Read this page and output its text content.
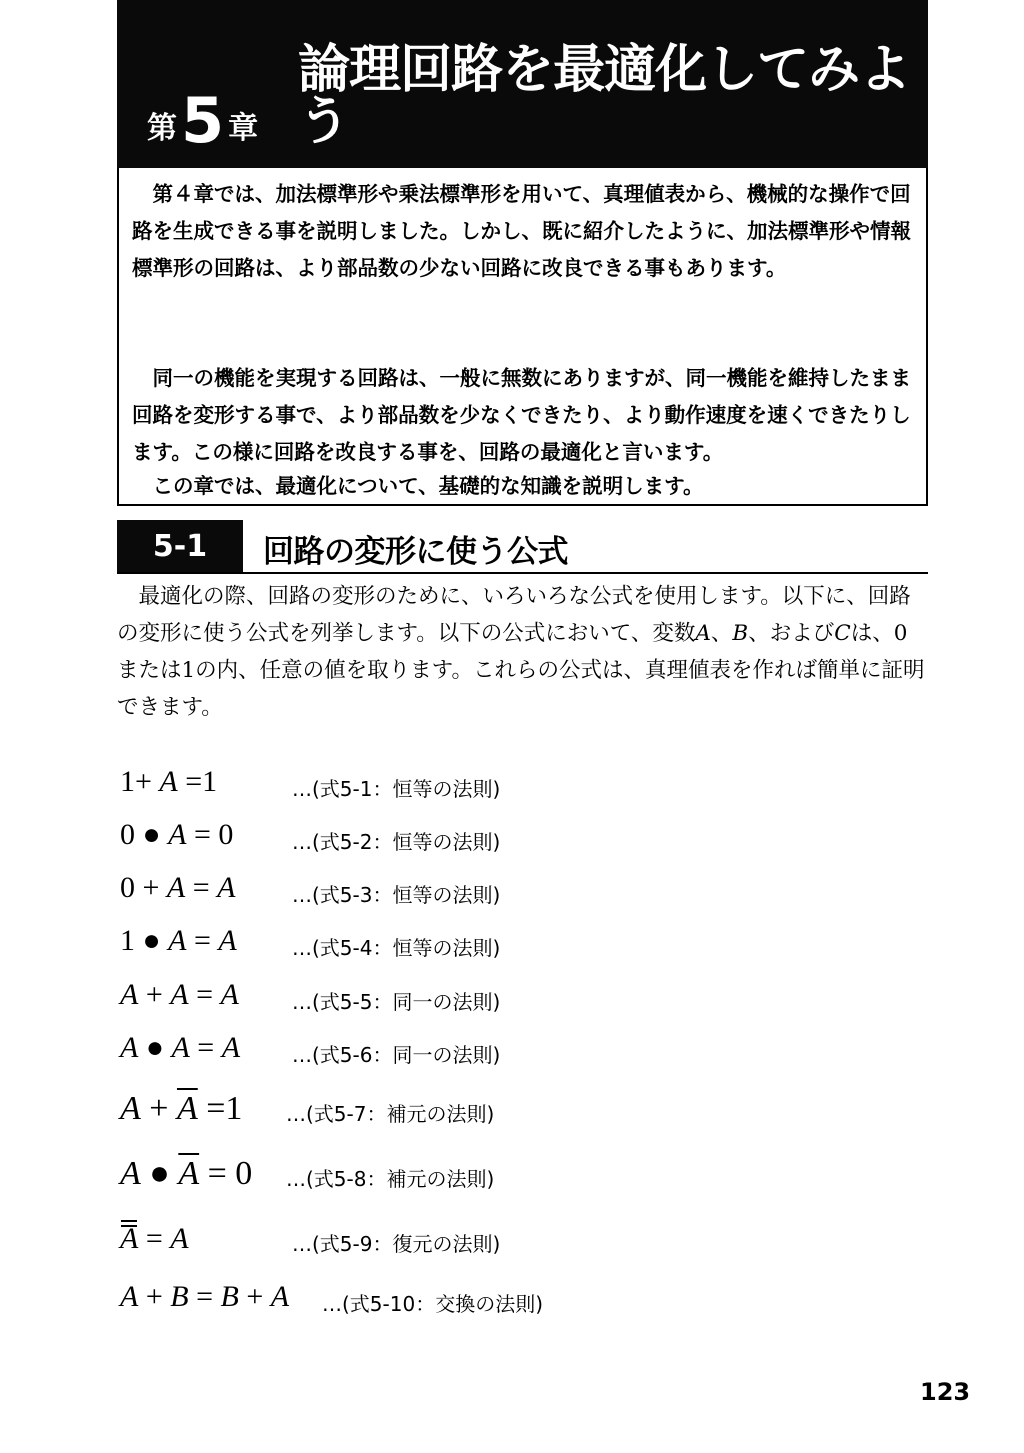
第 5 章
論理回路を最適化してみよう

　第４章では、加法標準形や乗法標準形を用いて、真理値表から、機械的な操作で回路を生成できる事を説明しました。しかし、既に紹介したように、加法標準形や情報標準形の回路は、より部品数の少ない回路に改良できる事もあります。

　同一の機能を実現する回路は、一般に無数にありますが、同一機能を維持したまま回路を変形する事で、より部品数を少なくできたり、より動作速度を速くできたりします。この様に回路を改良する事を、回路の最適化と言います。

　この章では、最適化について、基礎的な知識を説明します。

5-1	回路の変形に使う公式

　最適化の際、回路の変形のために、いろいろな公式を使用します。以下に、回路の変形に使う公式を列挙します。以下の公式において、変数A、B、およびCは、0または1の内、任意の値を取ります。これらの公式は、真理値表を作れば簡単に証明できます。

1+ A =1	…(式5-1：恒等の法則)
0 ● A = 0	…(式5-2：恒等の法則)
0 + A = A	…(式5-3：恒等の法則)
1 ● A = A	…(式5-4：恒等の法則)
A + A = A	…(式5-5：同一の法則)
A ● A = A	…(式5-6：同一の法則)
$A + \overline{A} =1$ …(式5-7：補元の法則)
A ● $\overline{A} = 0$ …(式5-8：補元の法則)
A = A	…(式5-9：復元の法則)
A + B = B + A …(式5-10：交換の法則)
123
